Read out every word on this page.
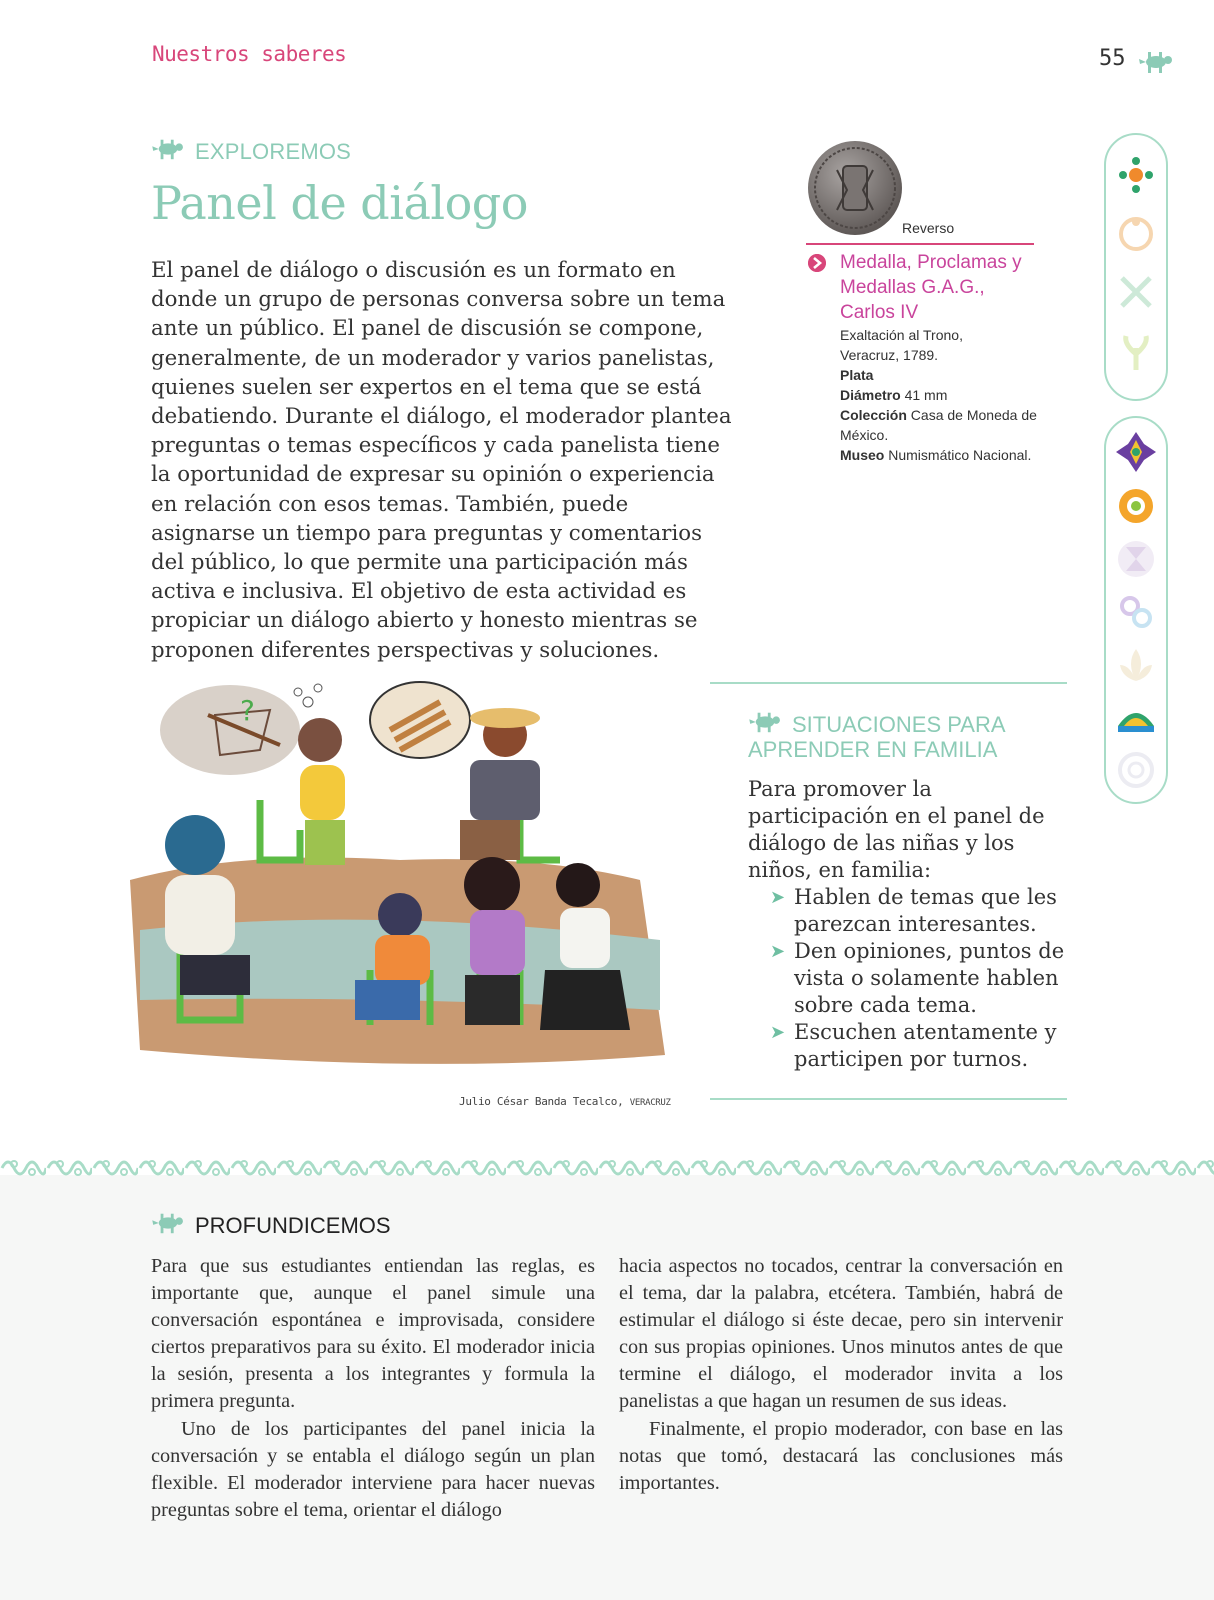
Nuestros saberes	55
EXPLOREMOS
Panel de diálogo

El panel de diálogo o discusión es un formato en donde un grupo de personas conversa sobre un tema ante un público. El panel de discusión se compone, generalmente, de un moderador y varios panelistas, quienes suelen ser expertos en el tema que se está debatiendo. Durante el diálogo, el moderador plantea preguntas o temas específicos y cada panelista tiene la oportunidad de expresar su opinión o experiencia en relación con esos temas. También, puede asignarse un tiempo para preguntas y comentarios del público, lo que permite una participación más activa e inclusiva. El objetivo de esta actividad es propiciar un diálogo abierto y honesto mientras se proponen diferentes perspectivas y soluciones.

Reverso
Medalla, Proclamas y Medallas G.A.G., Carlos IV
Exaltación al Trono,
Veracruz, 1789.
Plata
Diámetro 41 mm
Colección Casa de Moneda de México.
Museo Numismático Nacional.
?
Julio César Banda Tecalco, VERACRUZ
SITUACIONES PARA
APRENDER EN FAMILIA

Para promover la participación en el panel de diálogo de las niñas y los niños, en familia:

➤ Hablen de temas que les parezcan interesantes.
➤ Den opiniones, puntos de vista o solamente hablen sobre cada tema.
➤ Escuchen atentamente y participen por turnos.
PROFUNDICEMOS

Para que sus estudiantes entiendan las reglas, es importante que, aunque el panel simule una conversación espontánea e improvisada, considere ciertos preparativos para su éxito. El moderador inicia la sesión, presenta a los integrantes y formula la primera pregunta.

Uno de los participantes del panel inicia la conversación y se entabla el diálogo según un plan flexible. El moderador interviene para hacer nuevas preguntas sobre el tema, orientar el diálogo

hacia aspectos no tocados, centrar la conversación en el tema, dar la palabra, etcétera. También, habrá de estimular el diálogo si éste decae, pero sin intervenir con sus propias opiniones. Unos minutos antes de que termine el diálogo, el moderador invita a los panelistas a que hagan un resumen de sus ideas.

Finalmente, el propio moderador, con base en las notas que tomó, destacará las conclusiones más importantes.
